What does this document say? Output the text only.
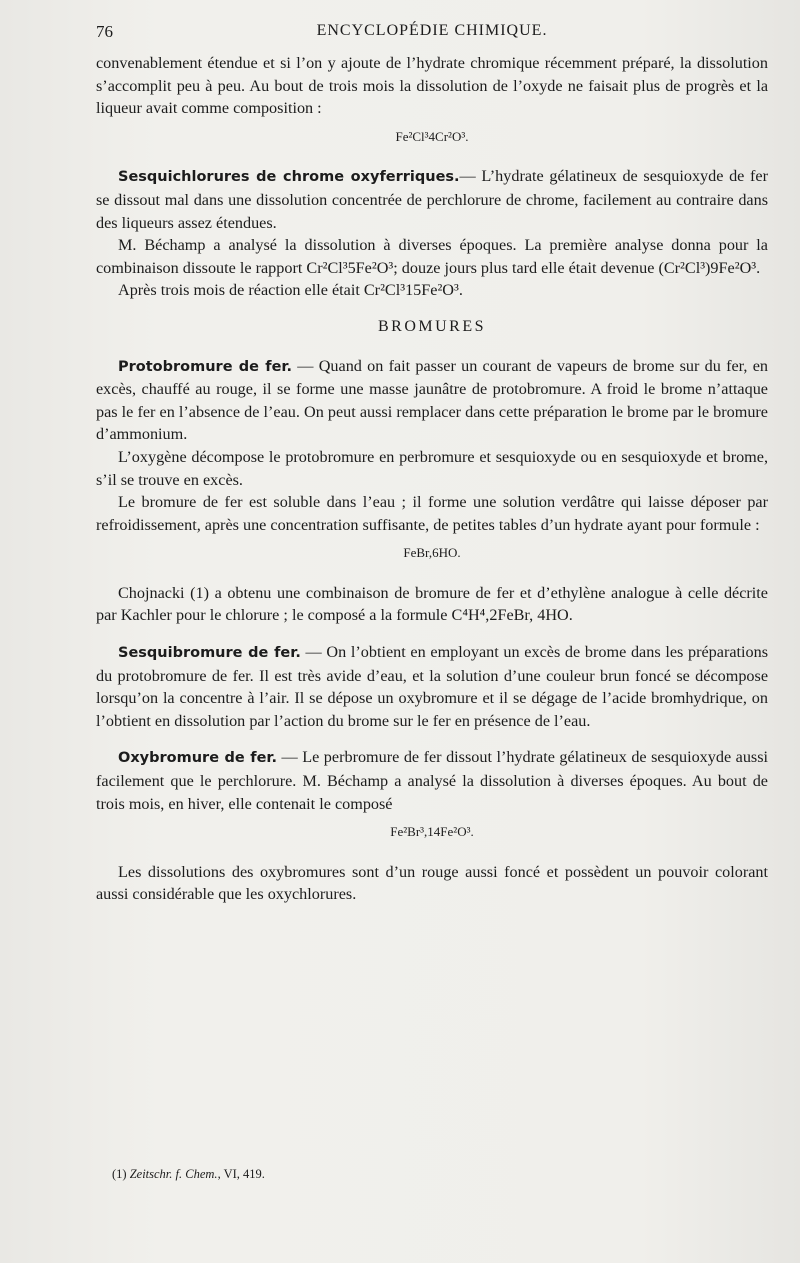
76	ENCYCLOPÉDIE CHIMIQUE.

convenablement étendue et si l’on y ajoute de l’hydrate chromique récemment préparé, la dissolution s’accomplit peu à peu. Au bout de trois mois la dissolution de l’oxyde ne faisait plus de progrès et la liqueur avait comme composition :

Fe²Cl³4Cr²O³.

Sesquichlorures de chrome oxyferriques.— L’hydrate gélatineux de sesquioxyde de fer se dissout mal dans une dissolution concentrée de perchlorure de chrome, facilement au contraire dans des liqueurs assez étendues.

M. Béchamp a analysé la dissolution à diverses époques. La première analyse donna pour la combinaison dissoute le rapport Cr²Cl³5Fe²O³; douze jours plus tard elle était devenue (Cr²Cl³)9Fe²O³.

Après trois mois de réaction elle était Cr²Cl³15Fe²O³.

BROMURES

Protobromure de fer. — Quand on fait passer un courant de vapeurs de brome sur du fer, en excès, chauffé au rouge, il se forme une masse jaunâtre de protobromure. A froid le brome n’attaque pas le fer en l’absence de l’eau. On peut aussi remplacer dans cette préparation le brome par le bromure d’ammonium.

L’oxygène décompose le protobromure en perbromure et sesquioxyde ou en sesquioxyde et brome, s’il se trouve en excès.

Le bromure de fer est soluble dans l’eau ; il forme une solution verdâtre qui laisse déposer par refroidissement, après une concentration suffisante, de petites tables d’un hydrate ayant pour formule :

FeBr,6HO.

Chojnacki (1) a obtenu une combinaison de bromure de fer et d’ethylène analogue à celle décrite par Kachler pour le chlorure ; le composé a la formule C⁴H⁴,2FeBr, 4HO.

Sesquibromure de fer. — On l’obtient en employant un excès de brome dans les préparations du protobromure de fer. Il est très avide d’eau, et la solution d’une couleur brun foncé se décompose lorsqu’on la concentre à l’air. Il se dépose un oxybromure et il se dégage de l’acide bromhydrique, on l’obtient en dissolution par l’action du brome sur le fer en présence de l’eau.

Oxybromure de fer. — Le perbromure de fer dissout l’hydrate gélatineux de sesquioxyde aussi facilement que le perchlorure. M. Béchamp a analysé la dissolution à diverses époques. Au bout de trois mois, en hiver, elle contenait le composé

Fe²Br³,14Fe²O³.

Les dissolutions des oxybromures sont d’un rouge aussi foncé et possèdent un pouvoir colorant aussi considérable que les oxychlorures.

(1) Zeitschr. f. Chem., VI, 419.
